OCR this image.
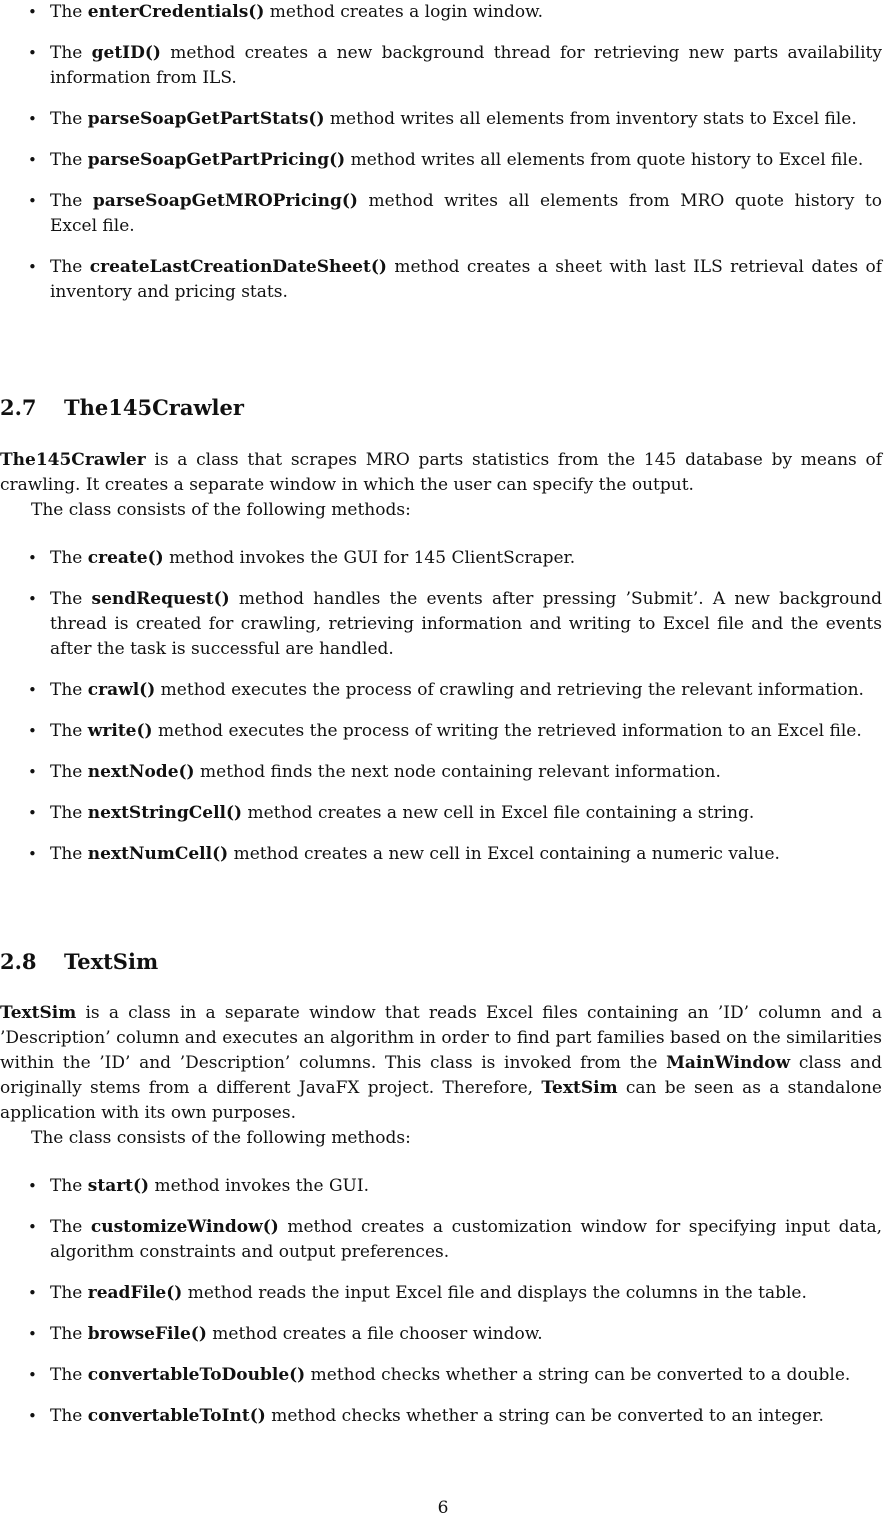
• The enterCredentials() method creates a login window.
• The getID() method creates a new background thread for retrieving new parts availability information from ILS.
• The parseSoapGetPartStats() method writes all elements from inventory stats to Excel file.
• The parseSoapGetPartPricing() method writes all elements from quote history to Excel file.
• The parseSoapGetMROPricing() method writes all elements from MRO quote history to Excel file.
• The createLastCreationDateSheet() method creates a sheet with last ILS retrieval dates of inventory and pricing stats.
2.7 The145Crawler

The145Crawler is a class that scrapes MRO parts statistics from the 145 database by means of crawling. It creates a separate window in which the user can specify the output.

The class consists of the following methods:

• The create() method invokes the GUI for 145 ClientScraper.
• The sendRequest() method handles the events after pressing ’Submit’. A new background thread is created for crawling, retrieving information and writing to Excel file and the events after the task is successful are handled.
• The crawl() method executes the process of crawling and retrieving the relevant information.
• The write() method executes the process of writing the retrieved information to an Excel file.
• The nextNode() method finds the next node containing relevant information.
• The nextStringCell() method creates a new cell in Excel file containing a string.
• The nextNumCell() method creates a new cell in Excel containing a numeric value.
2.8 TextSim

TextSim is a class in a separate window that reads Excel files containing an ’ID’ column and a ’Description’ column and executes an algorithm in order to find part families based on the similarities within the ’ID’ and ’Description’ columns. This class is invoked from the MainWindow class and originally stems from a different JavaFX project. Therefore, TextSim can be seen as a standalone application with its own purposes.

The class consists of the following methods:

• The start() method invokes the GUI.
• The customizeWindow() method creates a customization window for specifying input data, algorithm constraints and output preferences.
• The readFile() method reads the input Excel file and displays the columns in the table.
• The browseFile() method creates a file chooser window.
• The convertableToDouble() method checks whether a string can be converted to a double.
• The convertableToInt() method checks whether a string can be converted to an integer.
6
